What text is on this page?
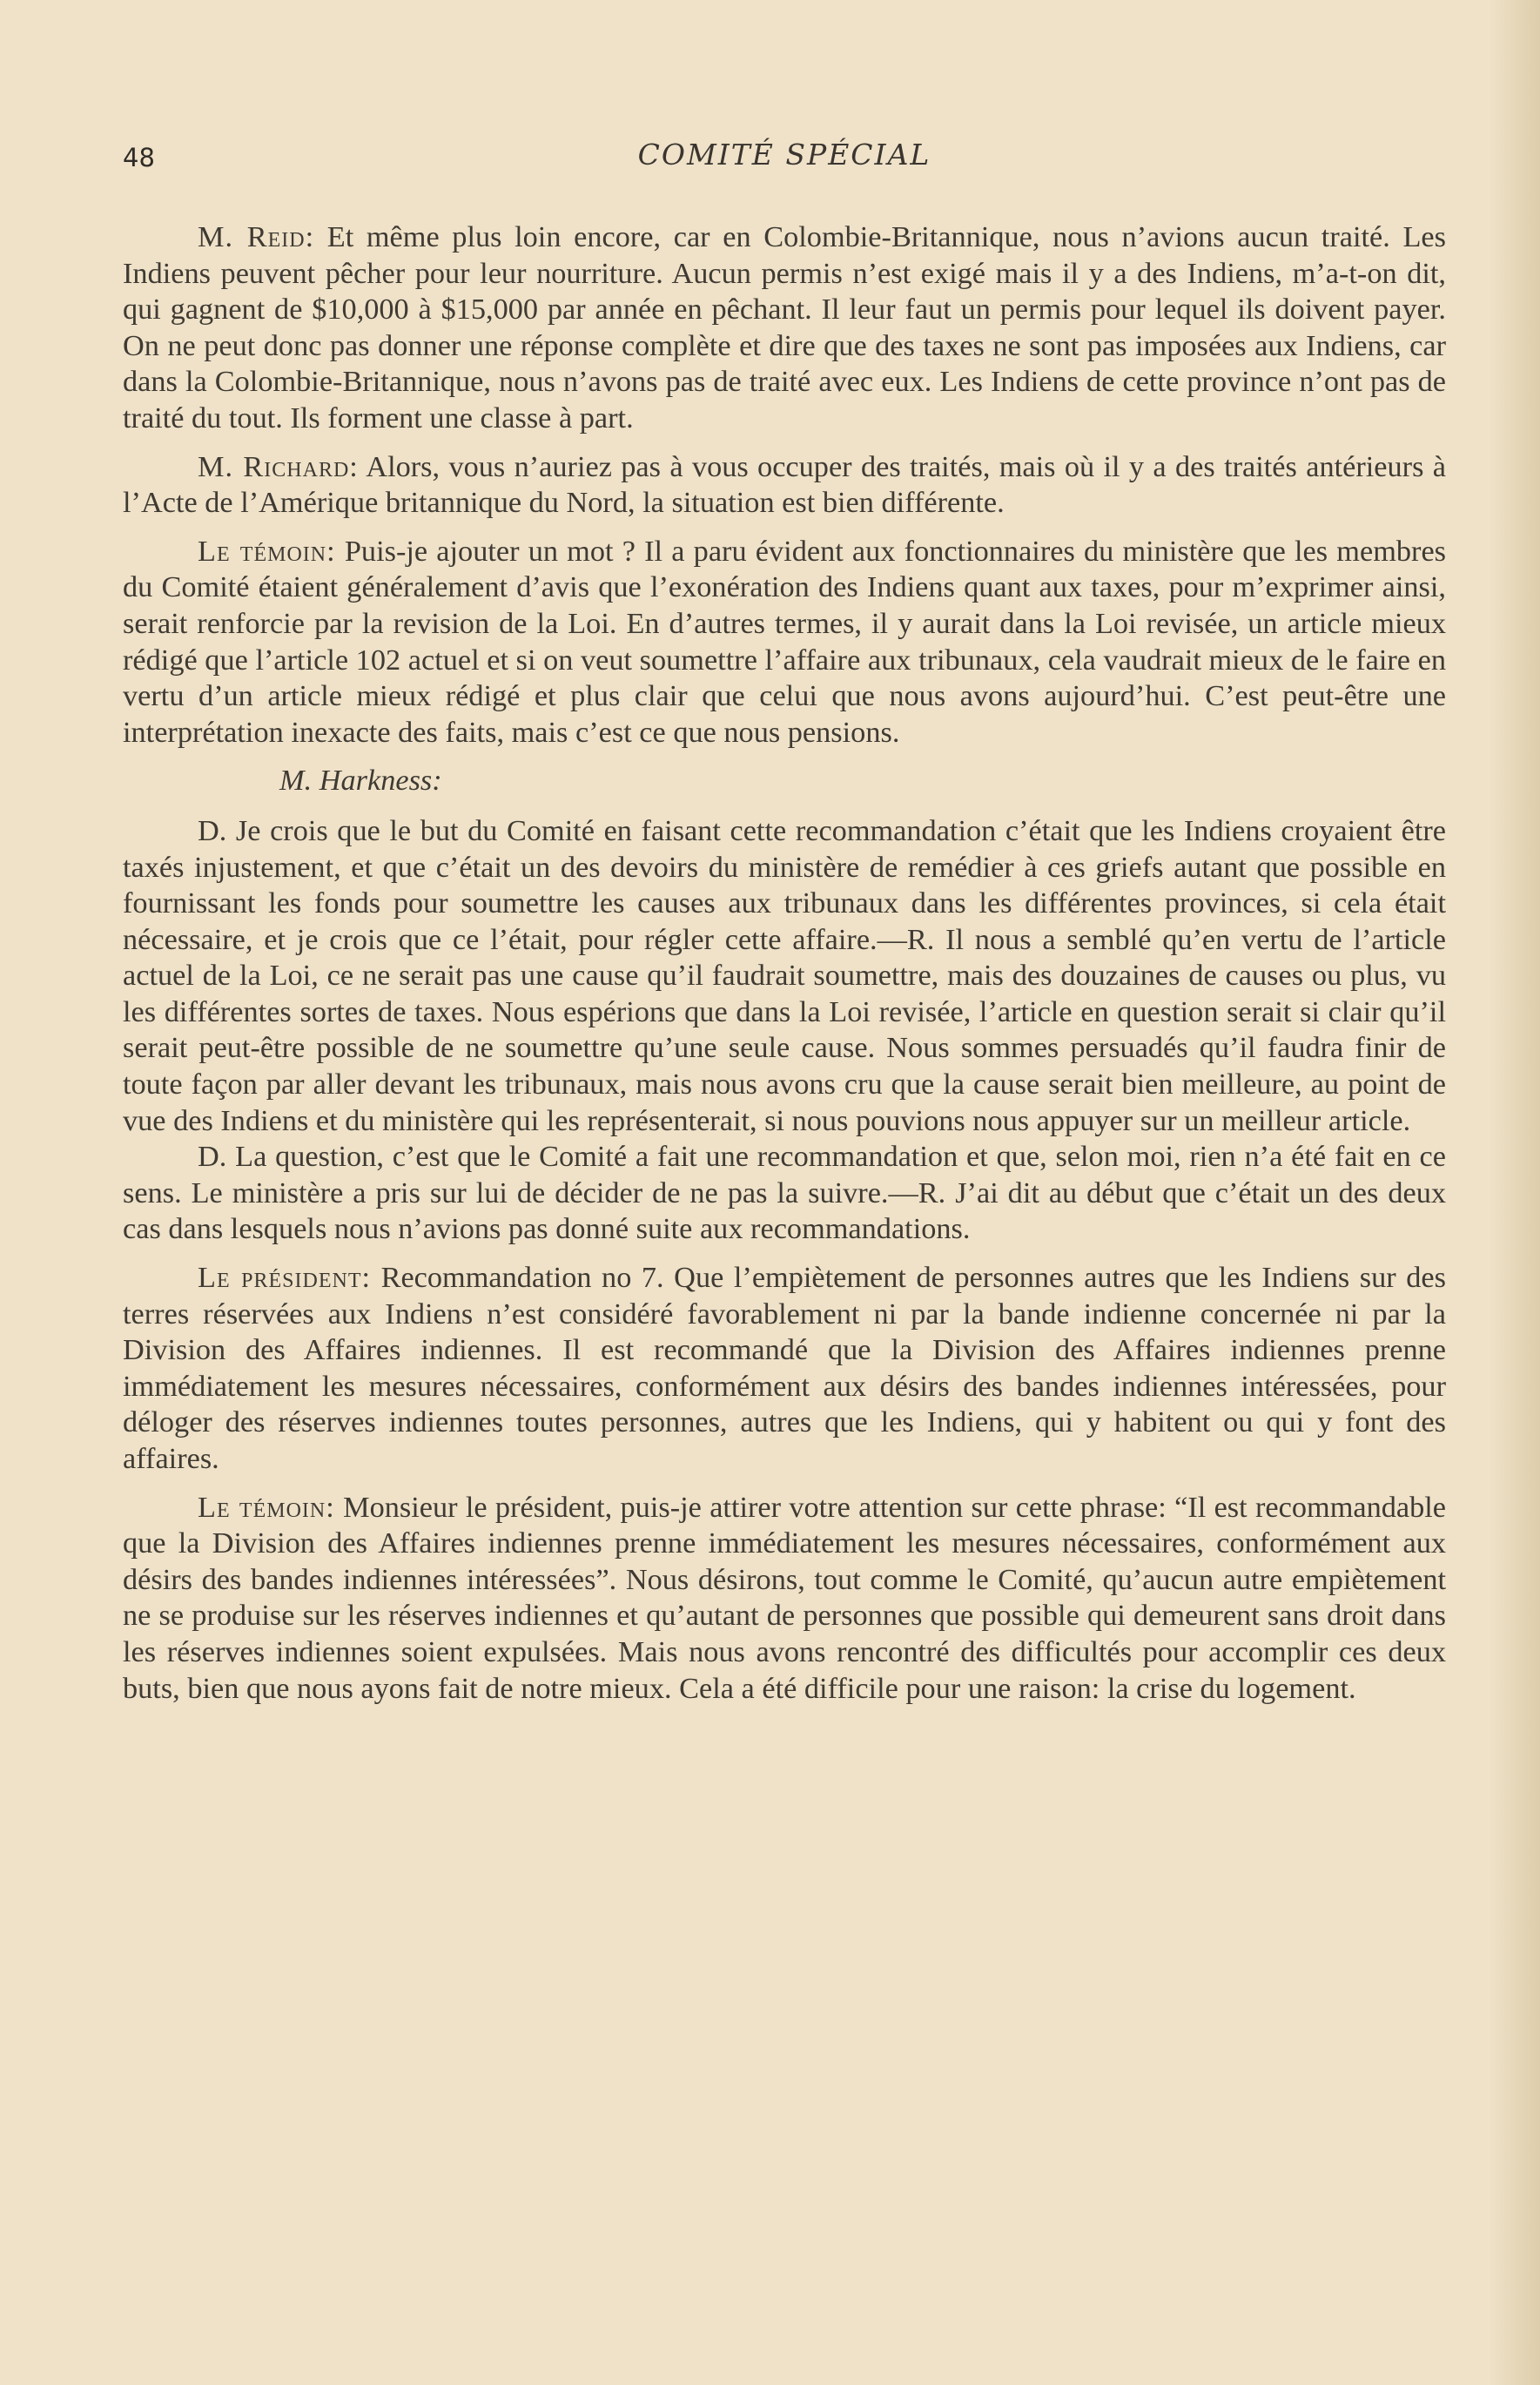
48	COMITÉ SPÉCIAL

M. Reid: Et même plus loin encore, car en Colombie-Britannique, nous n’avions aucun traité. Les Indiens peuvent pêcher pour leur nourriture. Aucun permis n’est exigé mais il y a des Indiens, m’a-t-on dit, qui gagnent de $10,000 à $15,000 par année en pêchant. Il leur faut un permis pour lequel ils doivent payer. On ne peut donc pas donner une réponse complète et dire que des taxes ne sont pas imposées aux Indiens, car dans la Colombie-Britannique, nous n’avons pas de traité avec eux. Les Indiens de cette province n’ont pas de traité du tout. Ils forment une classe à part.

M. Richard: Alors, vous n’auriez pas à vous occuper des traités, mais où il y a des traités antérieurs à l’Acte de l’Amérique britannique du Nord, la situation est bien différente.

Le témoin: Puis-je ajouter un mot ? Il a paru évident aux fonctionnaires du ministère que les membres du Comité étaient généralement d’avis que l’exonération des Indiens quant aux taxes, pour m’exprimer ainsi, serait renforcie par la revision de la Loi. En d’autres termes, il y aurait dans la Loi revisée, un article mieux rédigé que l’article 102 actuel et si on veut soumettre l’affaire aux tribunaux, cela vaudrait mieux de le faire en vertu d’un article mieux rédigé et plus clair que celui que nous avons aujourd’hui. C’est peut-être une interprétation inexacte des faits, mais c’est ce que nous pensions.

M. Harkness:

D. Je crois que le but du Comité en faisant cette recommandation c’était que les Indiens croyaient être taxés injustement, et que c’était un des devoirs du ministère de remédier à ces griefs autant que possible en fournissant les fonds pour soumettre les causes aux tribunaux dans les différentes provinces, si cela était nécessaire, et je crois que ce l’était, pour régler cette affaire.—R. Il nous a semblé qu’en vertu de l’article actuel de la Loi, ce ne serait pas une cause qu’il faudrait soumettre, mais des douzaines de causes ou plus, vu les différentes sortes de taxes. Nous espérions que dans la Loi revisée, l’article en question serait si clair qu’il serait peut-être possible de ne soumettre qu’une seule cause. Nous sommes persuadés qu’il faudra finir de toute façon par aller devant les tribunaux, mais nous avons cru que la cause serait bien meilleure, au point de vue des Indiens et du ministère qui les représenterait, si nous pouvions nous appuyer sur un meilleur article.

D. La question, c’est que le Comité a fait une recommandation et que, selon moi, rien n’a été fait en ce sens. Le ministère a pris sur lui de décider de ne pas la suivre.—R. J’ai dit au début que c’était un des deux cas dans lesquels nous n’avions pas donné suite aux recommandations.

Le président: Recommandation no 7. Que l’empiètement de personnes autres que les Indiens sur des terres réservées aux Indiens n’est considéré favorablement ni par la bande indienne concernée ni par la Division des Affaires indiennes. Il est recommandé que la Division des Affaires indiennes prenne immédiatement les mesures nécessaires, conformément aux désirs des bandes indiennes intéressées, pour déloger des réserves indiennes toutes personnes, autres que les Indiens, qui y habitent ou qui y font des affaires.

Le témoin: Monsieur le président, puis-je attirer votre attention sur cette phrase: “Il est recommandable que la Division des Affaires indiennes prenne immédiatement les mesures nécessaires, conformément aux désirs des bandes indiennes intéressées”. Nous désirons, tout comme le Comité, qu’aucun autre empiètement ne se produise sur les réserves indiennes et qu’autant de personnes que possible qui demeurent sans droit dans les réserves indiennes soient expulsées. Mais nous avons rencontré des difficultés pour accomplir ces deux buts, bien que nous ayons fait de notre mieux. Cela a été difficile pour une raison: la crise du logement.
